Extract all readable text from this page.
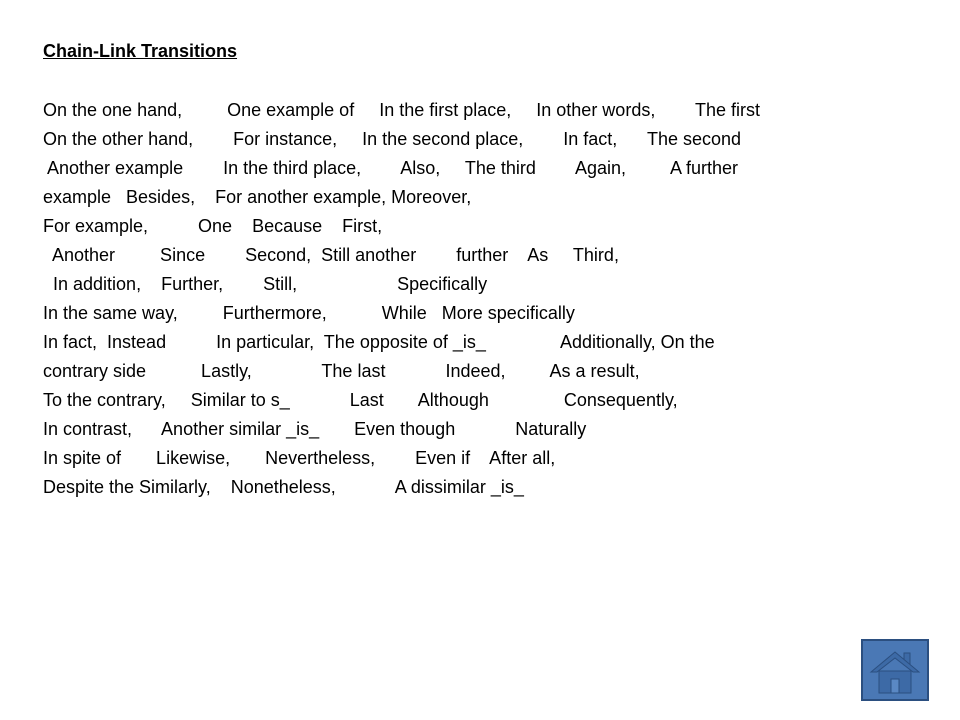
Chain-Link Transitions
On the one hand,         One example of     In the first place,     In other words,        The first
On the other hand,        For instance,     In the second place,        In fact,      The second
Another example        In the third place,        Also,     The third        Again,         A further
example   Besides,    For another example, Moreover,
For example,          One    Because    First,
Another         Since        Second,  Still another        further    As     Third,
In addition,    Further,        Still,                    Specifically
In the same way,         Furthermore,           While   More specifically
In fact,  Instead          In particular,  The opposite of _is_               Additionally, On the
contrary side           Lastly,              The last            Indeed,         As a result,
To the contrary,     Similar to s_            Last       Although               Consequently,
In contrast,      Another similar _is_       Even though            Naturally
In spite of       Likewise,       Nevertheless,        Even if    After all,
Despite the Similarly,    Nonetheless,            A dissimilar _is_
